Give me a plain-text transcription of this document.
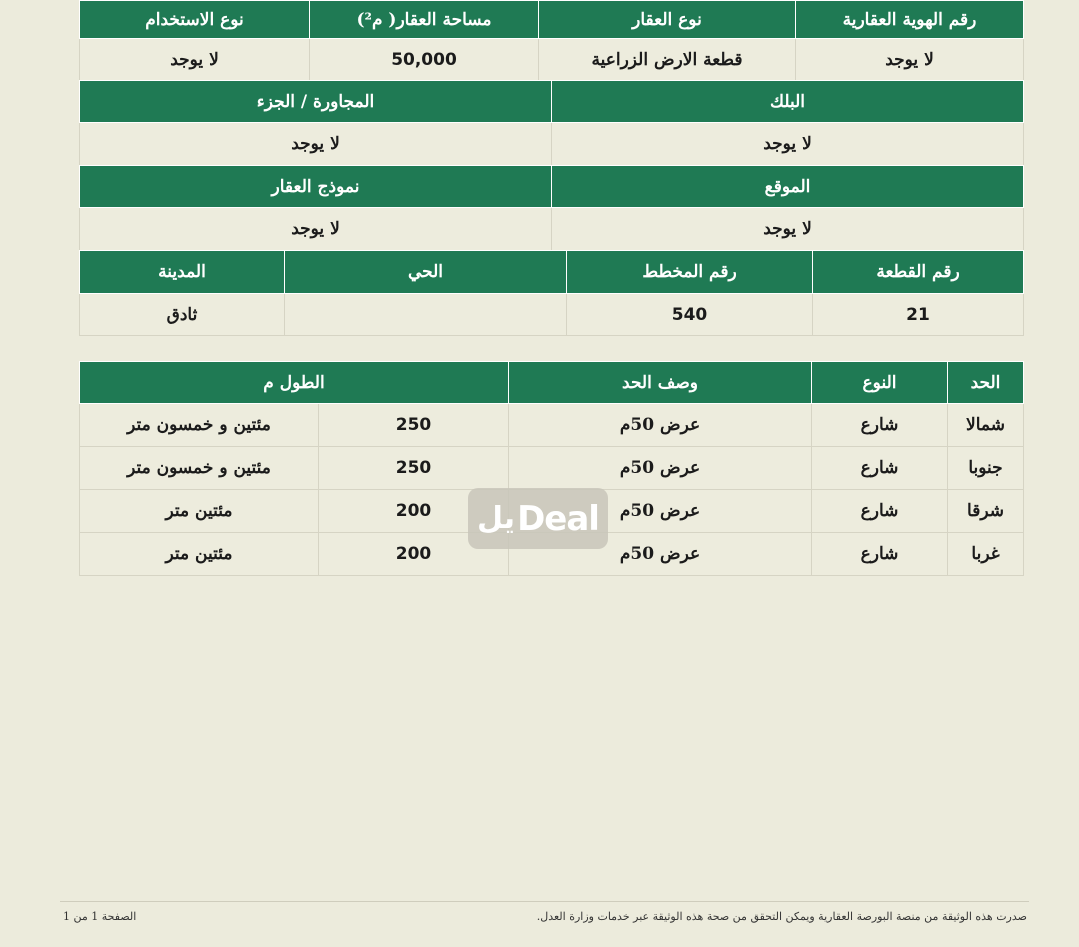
رقم الهوية العقارية	نوع العقار	مساحة العقار( م²)	نوع الاستخدام
لا يوجد	قطعة الارض الزراعية	50,000	لا يوجد
البلك	المجاورة / الجزء
لا يوجد	لا يوجد
الموقع	نموذج العقار
لا يوجد	لا يوجد
رقم القطعة	رقم المخطط	الحي	المدينة
21	540		ثادق
الحد	النوع	وصف الحد	الطول م	
شمالا	شارع	عرض 50م	250	مئتين و خمسون متر
جنوبا	شارع	عرض 50م	250	مئتين و خمسون متر
شرقا	شارع	عرض 50م	200	مئتين متر
غربا	شارع	عرض 50م	200	مئتين متر
يل Deal
الصفحة 1 من 1	صدرت هذه الوثيقة من منصة البورصة العقارية ويمكن التحقق من صحة هذه الوثيقة عبر خدمات وزارة العدل.
